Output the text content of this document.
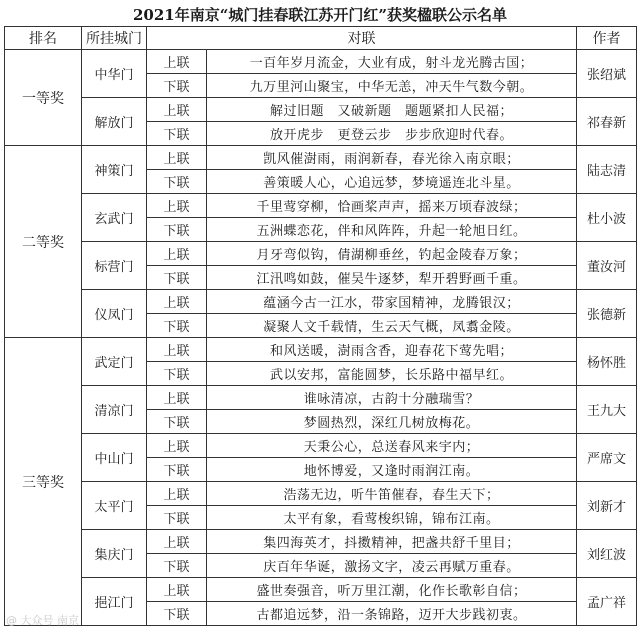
2021年南京“城门挂春联江苏开门红”获奖楹联公示名单
排名	所挂城门	对联		作者
一等奖	中华门	上联	一百年岁月流金，大业有成，射斗龙光腾古国；	张绍斌
		下联	九万里河山聚宝，中华无恙，冲天牛气数今朝。	
	解放门	上联	解过旧题　又破新题　题题紧扣人民福；	祁春新
		下联	放开虎步　更登云步　步步欣迎时代春。	
二等奖	神策门	上联	凯风催澍雨，雨润新春，春光徐入南京眼；	陆志清
		下联	善策暖人心，心追远梦，梦境遥连北斗星。	
	玄武门	上联	千里莺穿柳，恰画桨声声，摇来万顷春波绿；	杜小波
		下联	五洲蝶恋花，伴和风阵阵，升起一轮旭日红。	
	标营门	上联	月牙弯似钩，倩湖柳垂丝，钓起金陵春万象；	董汝河
		下联	江汛鸣如鼓，催吴牛逐梦，犁开碧野画千重。	
	仪凤门	上联	蕴涵今古一江水，带家国精神，龙腾银汉；	张德新
		下联	凝聚人文千载情，生云天气概，凤翥金陵。	
三等奖	武定门	上联	和风送暖，澍雨含香，迎春花下莺先唱；	杨怀胜
		下联	武以安邦，富能圆梦，长乐路中福早红。	
	清凉门	上联	谁咏清凉，古韵十分融瑞雪？	王九大
		下联	梦圆热烈，深红几树放梅花。	
	中山门	上联	天秉公心，总送春风来宇内；	严席文
		下联	地怀博爱，又逢时雨润江南。	
	太平门	上联	浩荡无边，听牛笛催春，春生天下；	刘新才
		下联	太平有象，看莺梭织锦，锦布江南。	
	集庆门	上联	集四海英才，抖擞精神，把盏共舒千里目；	刘红波
		下联	庆百年华诞，激扬文字，凌云再赋万重春。	
	挹江门	上联	盛世奏强音，听万里江潮，化作长歌彰自信；	孟广祥
		下联	古都追远梦，沿一条锦路，迈开大步践初衷。	
@ 大众号 南京
